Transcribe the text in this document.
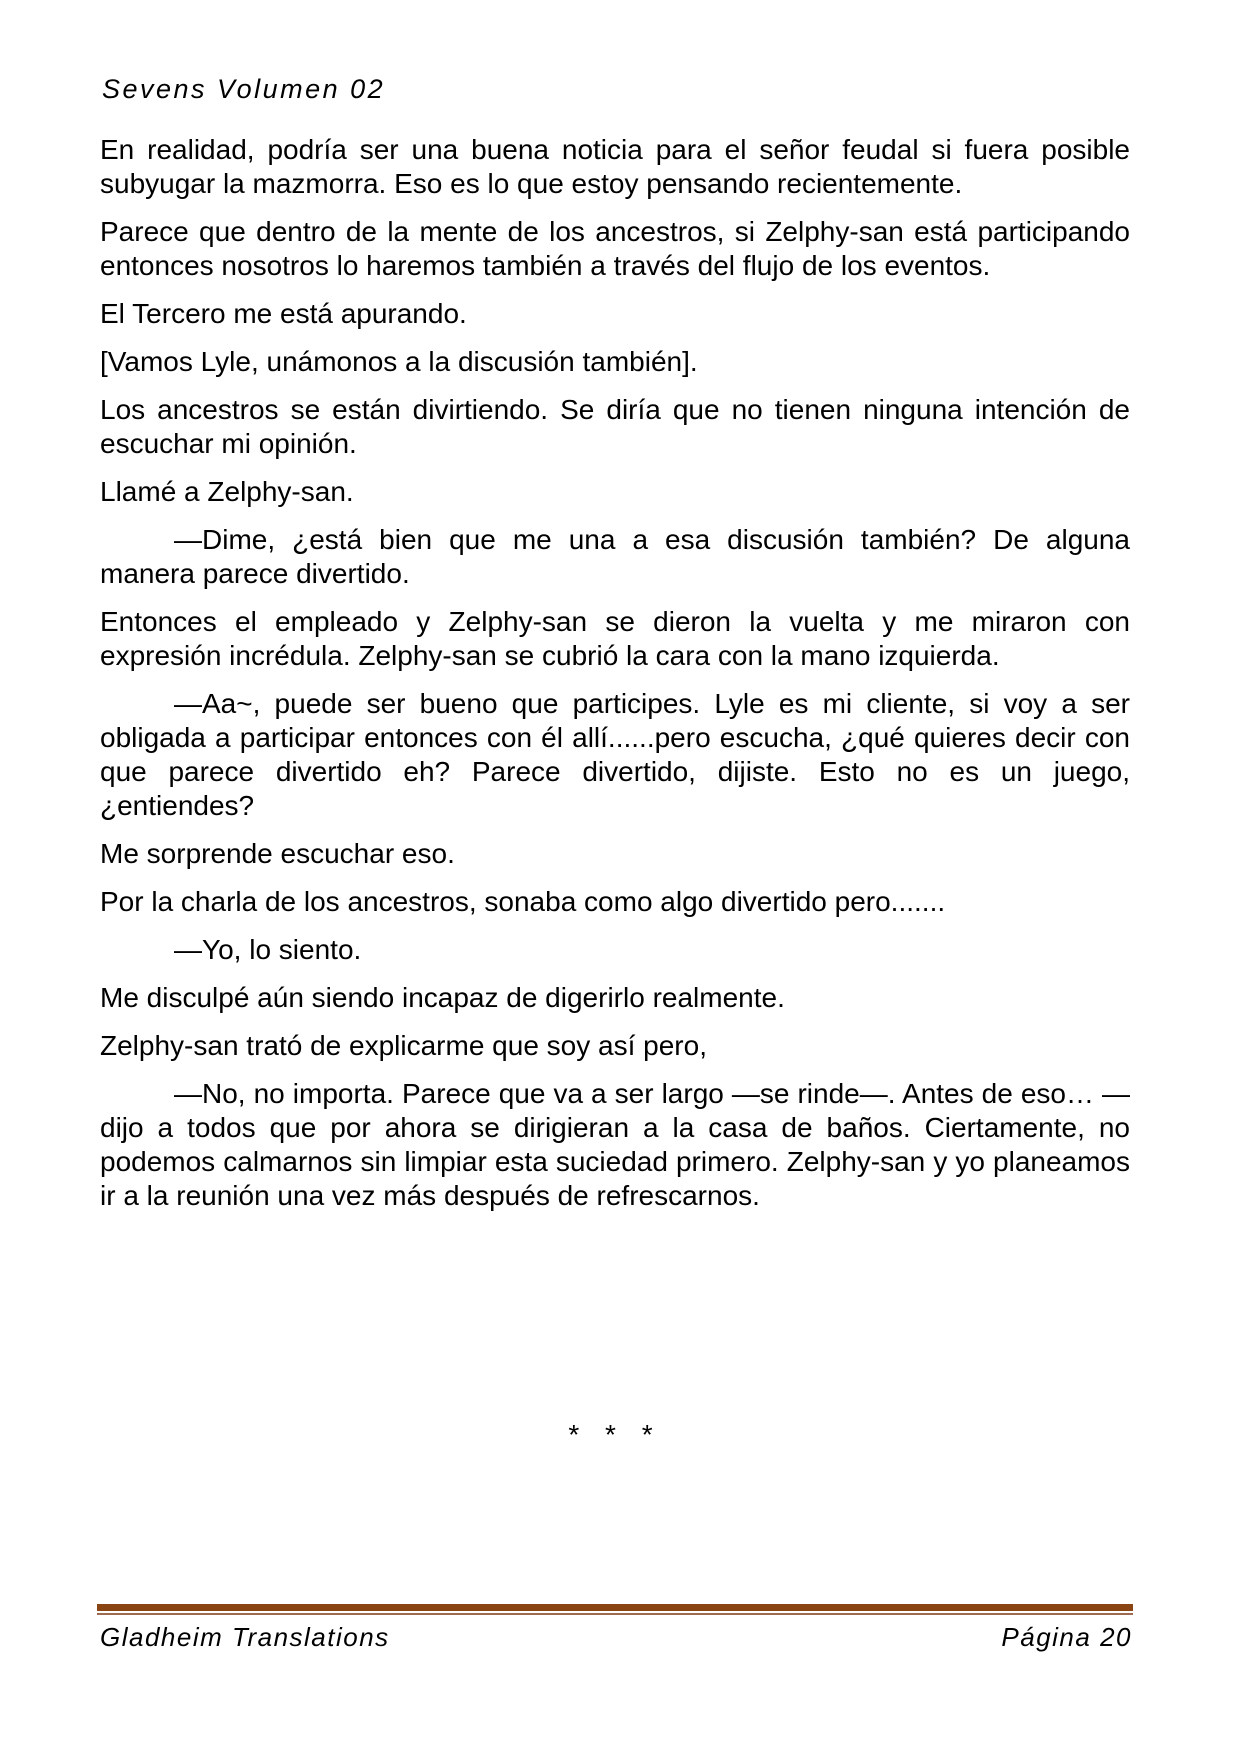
Sevens Volumen 02

En realidad, podría ser una buena noticia para el señor feudal si fuera posible subyugar la mazmorra. Eso es lo que estoy pensando recientemente.

Parece que dentro de la mente de los ancestros, si Zelphy-san está participando entonces nosotros lo haremos también a través del flujo de los eventos.

El Tercero me está apurando.

[Vamos Lyle, unámonos a la discusión también].

Los ancestros se están divirtiendo. Se diría que no tienen ninguna intención de escuchar mi opinión.

Llamé a Zelphy-san.

—Dime, ¿está bien que me una a esa discusión también? De alguna manera parece divertido.

Entonces el empleado y Zelphy-san se dieron la vuelta y me miraron con expresión incrédula. Zelphy-san se cubrió la cara con la mano izquierda.

—Aa~, puede ser bueno que participes. Lyle es mi cliente, si voy a ser obligada a participar entonces con él allí......pero escucha, ¿qué quieres decir con que parece divertido eh? Parece divertido, dijiste. Esto no es un juego, ¿entiendes?

Me sorprende escuchar eso.

Por la charla de los ancestros, sonaba como algo divertido pero.......

—Yo, lo siento.

Me disculpé aún siendo incapaz de digerirlo realmente.

Zelphy-san trató de explicarme que soy así pero,

—No, no importa. Parece que va a ser largo —se rinde—. Antes de eso… —dijo a todos que por ahora se dirigieran a la casa de baños. Ciertamente, no podemos calmarnos sin limpiar esta suciedad primero. Zelphy-san y yo planeamos ir a la reunión una vez más después de refrescarnos.

* * *
Gladheim Translations	Página 20
